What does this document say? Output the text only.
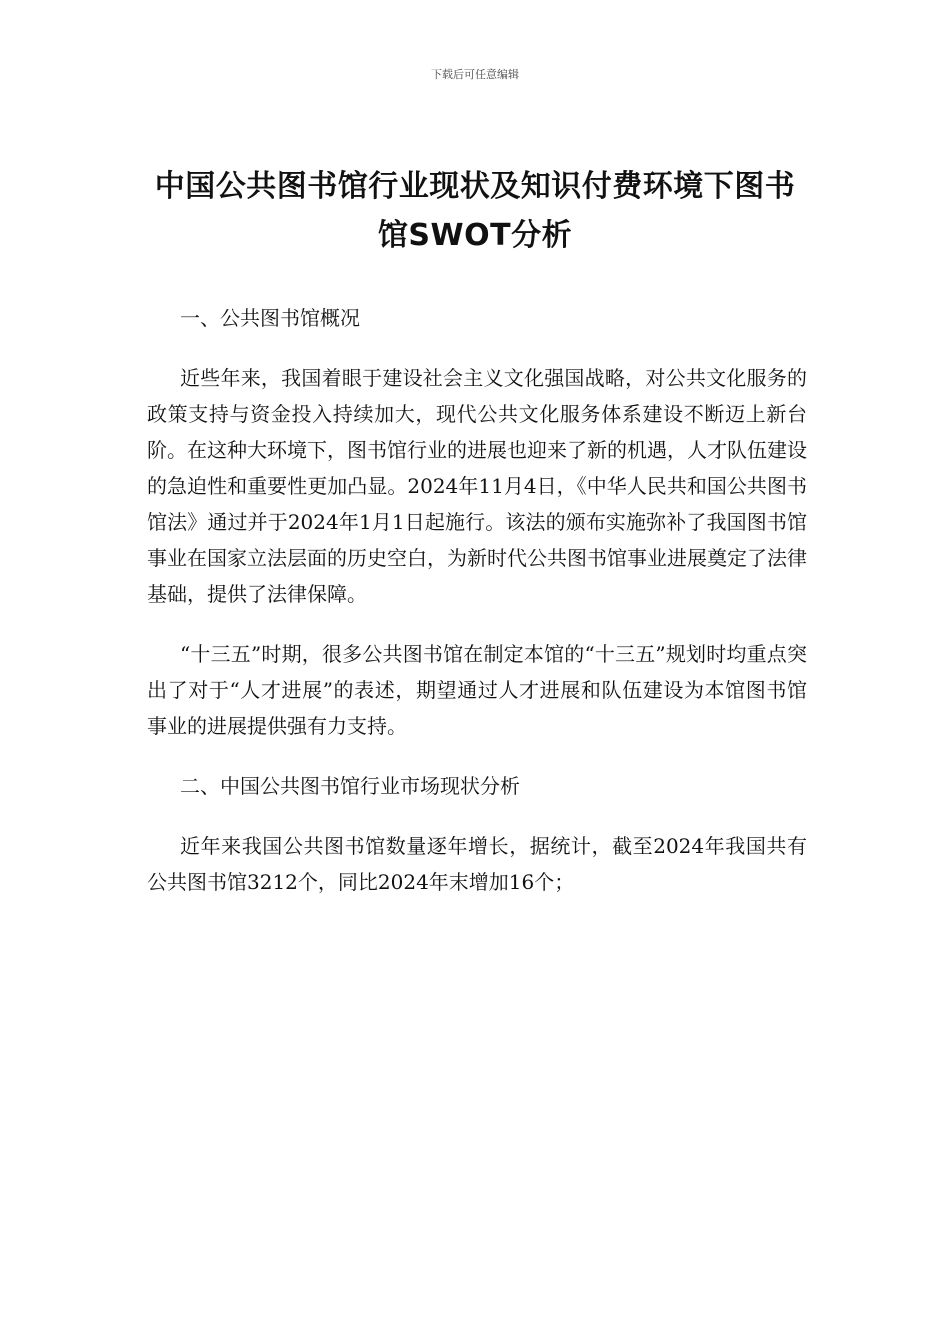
下载后可任意编辑
中国公共图书馆行业现状及知识付费环境下图书馆SWOT分析

一、公共图书馆概况

近些年来，我国着眼于建设社会主义文化强国战略，对公共文化服务的政策支持与资金投入持续加大，现代公共文化服务体系建设不断迈上新台阶。在这种大环境下，图书馆行业的进展也迎来了新的机遇，人才队伍建设的急迫性和重要性更加凸显。2024年11月4日，《中华人民共和国公共图书馆法》通过并于2024年1月1日起施行。该法的颁布实施弥补了我国图书馆事业在国家立法层面的历史空白，为新时代公共图书馆事业进展奠定了法律基础，提供了法律保障。

“十三五”时期，很多公共图书馆在制定本馆的“十三五”规划时均重点突出了对于“人才进展”的表述，期望通过人才进展和队伍建设为本馆图书馆事业的进展提供强有力支持。

二、中国公共图书馆行业市场现状分析

近年来我国公共图书馆数量逐年增长，据统计，截至2024年我国共有公共图书馆3212个，同比2024年末增加16个；
